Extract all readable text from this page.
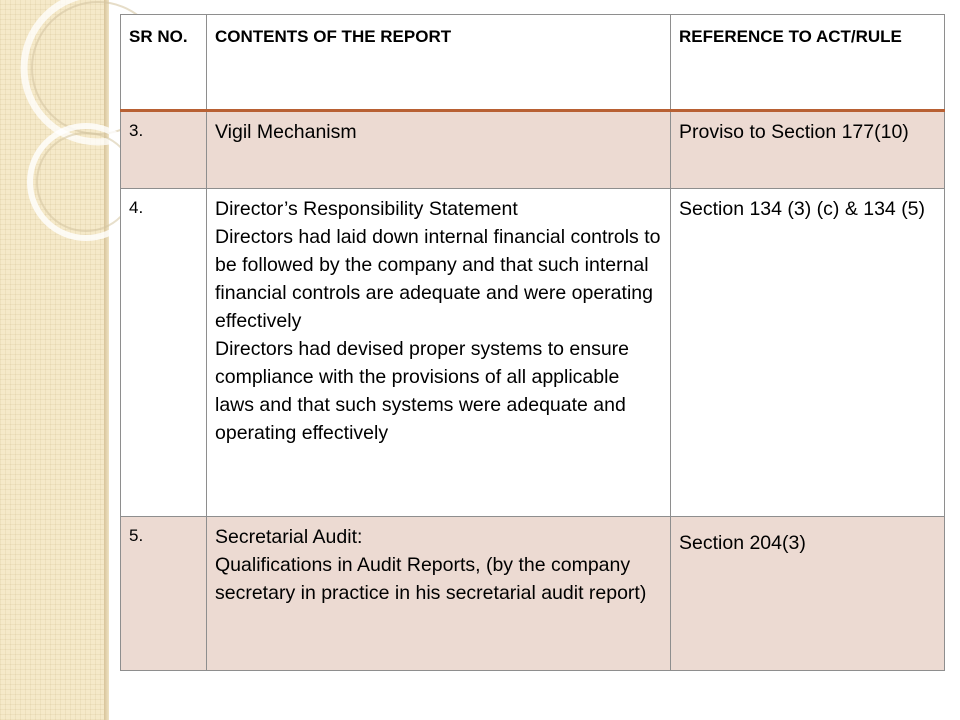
SR NO.	CONTENTS OF THE REPORT	REFERENCE TO ACT/RULE
3.	Vigil Mechanism	Proviso to Section 177(10)
4.	Director’s Responsibility Statement
Directors had laid down internal financial controls to be followed by the company and that such internal financial controls are adequate and were operating effectively
Directors had devised proper systems to ensure compliance with the provisions of all applicable laws and that such systems were adequate and operating effectively	Section 134 (3) (c) & 134 (5)
5.	Secretarial Audit:
Qualifications in Audit Reports, (by the company secretary in practice in his secretarial audit report)	Section 204(3)
